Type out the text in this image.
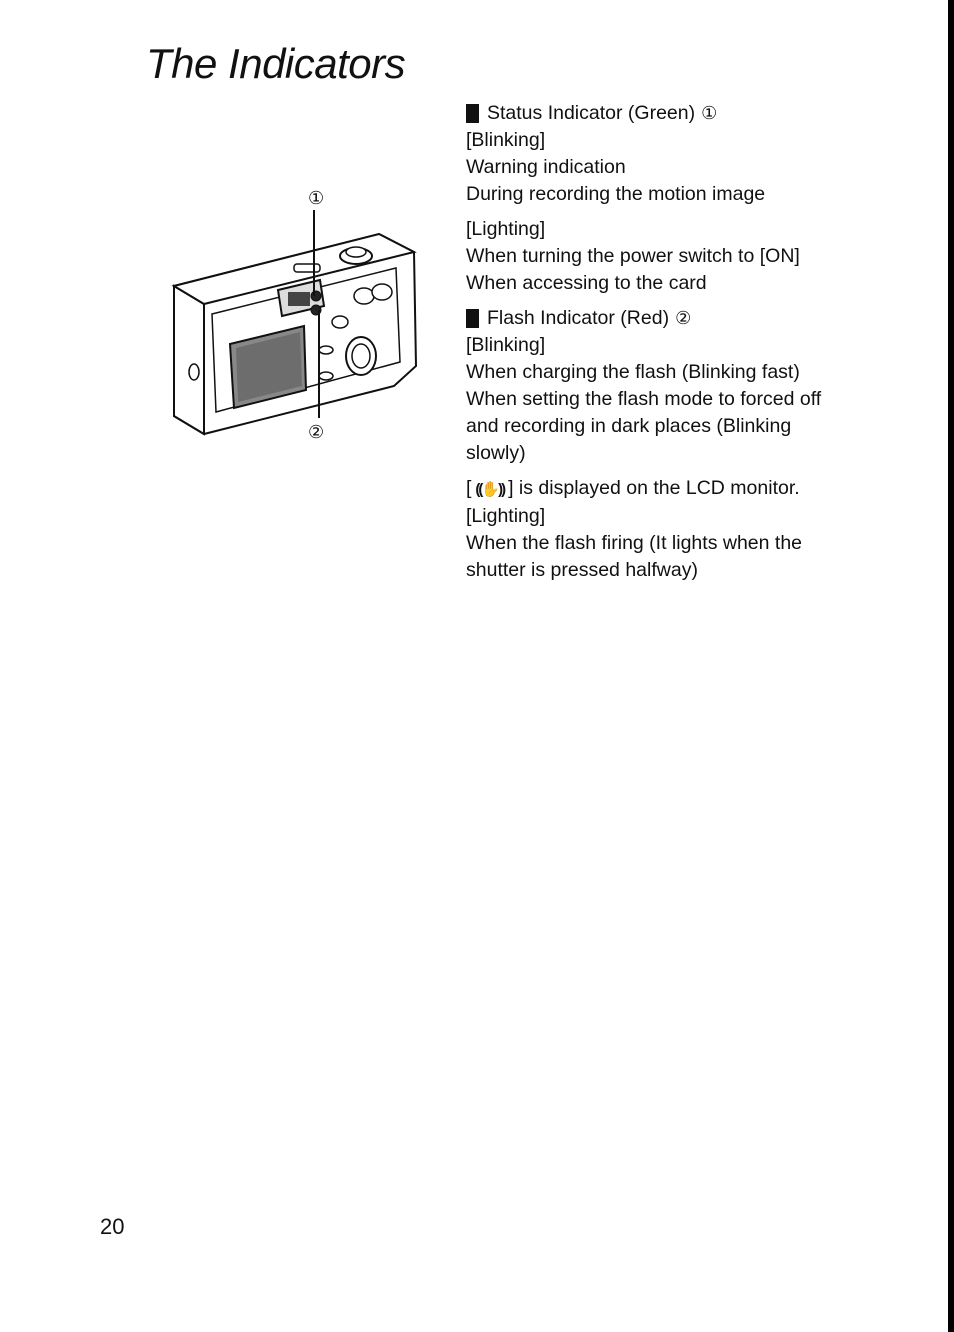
The Indicators
①
②
Status Indicator (Green) ①
[Blinking]
Warning indication
During recording the motion image
[Lighting]
When turning the power switch to [ON]
When accessing to the card
Flash Indicator (Red) ②
[Blinking]
When charging the flash (Blinking fast)
When setting the flash mode to forced off
and recording in dark places (Blinking
slowly)
[ ((✋)) ] is displayed on the LCD monitor.
[Lighting]
When the flash firing (It lights when the
shutter is pressed halfway)
20
